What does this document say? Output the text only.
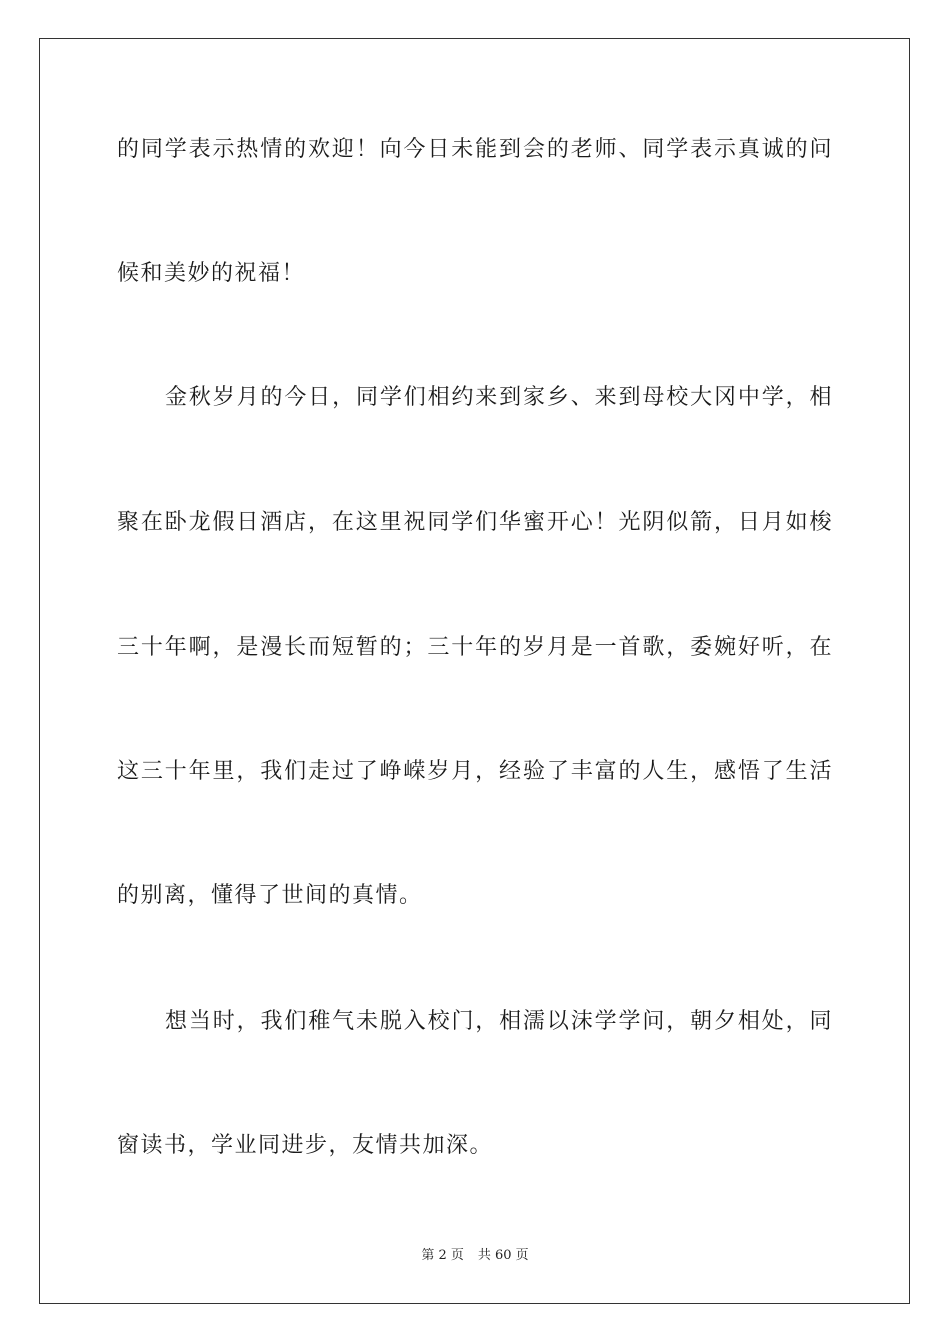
的同学表示热情的欢迎！向今日未能到会的老师、同学表示真诚的问
候和美妙的祝福！
金秋岁月的今日，同学们相约来到家乡、来到母校大冈中学，相
聚在卧龙假日酒店，在这里祝同学们华蜜开心！光阴似箭，日月如梭
三十年啊，是漫长而短暂的；三十年的岁月是一首歌，委婉好听，在
这三十年里，我们走过了峥嵘岁月，经验了丰富的人生，感悟了生活
的别离，懂得了世间的真情。
想当时，我们稚气未脱入校门，相濡以沫学学问，朝夕相处，同
窗读书，学业同进步，友情共加深。
第 2 页 共 60 页
